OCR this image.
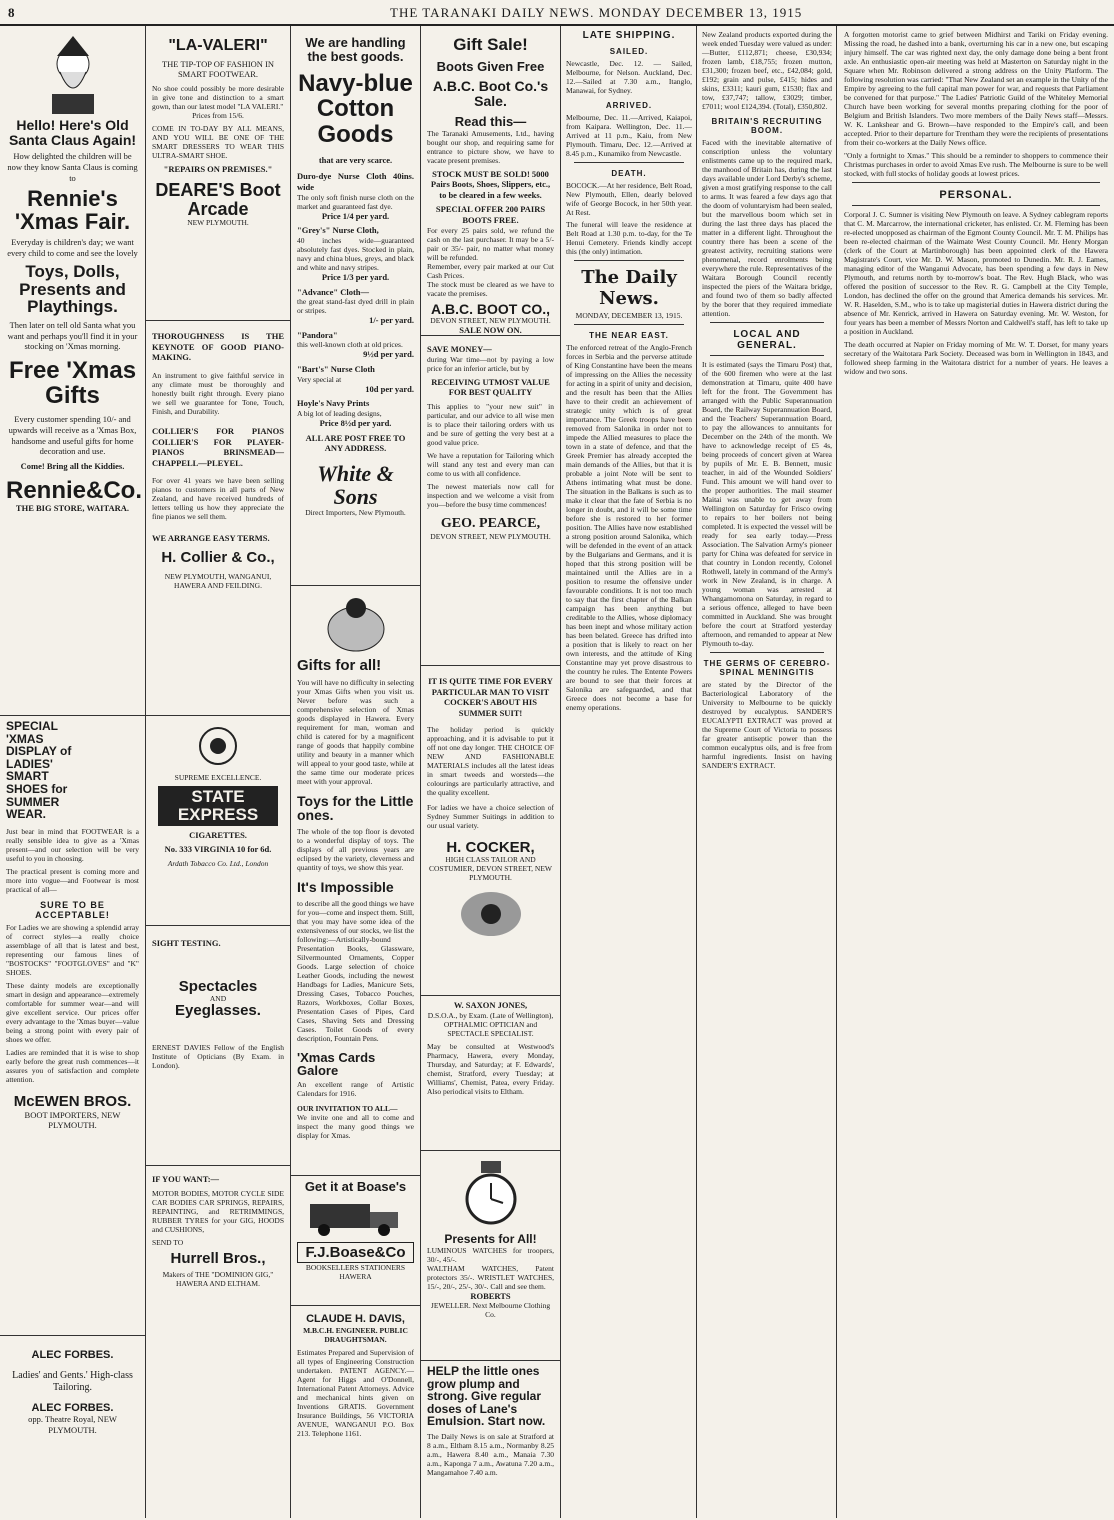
8	THE TARANAKI DAILY NEWS. MONDAY DECEMBER 13, 1915
Hello! Here's Old Santa Claus Again!
How delighted the children will be now they know Santa Claus is coming to
Rennie's 'Xmas Fair.
Everyday is children's day; we want every child to come and see the lovely
Toys, Dolls, Presents and Playthings.
Then later on tell old Santa what you want and perhaps you'll find it in your stocking on 'Xmas morning.
Free 'Xmas Gifts
Every customer spending 10/- and upwards will receive as a 'Xmas Box, handsome and useful gifts for home decoration and use.
Come! Bring all the Kiddies.
Rennie&Co.
THE BIG STORE, WAITARA.
SPECIAL 'XMAS DISPLAY of LADIES' SMART SHOES for SUMMER WEAR.
Just bear in mind that FOOTWEAR is a really sensible idea to give as a 'Xmas present—and our selection will be very useful to you in choosing.
The practical present is coming more and more into vogue—and Footwear is most practical of all—
SURE TO BE ACCEPTABLE!
For Ladies we are showing a splendid array of correct styles—a really choice assemblage of all that is latest and best, representing our famous lines of "BOSTOCKS" "FOOTGLOVES" and "K" SHOES.
These dainty models are exceptionally smart in design and appearance—extremely comfortable for summer wear—and will give excellent service. Our prices offer every advantage to the 'Xmas buyer—value being a strong point with every pair of shoes we offer.
Ladies are reminded that it is wise to shop early before the great rush commences—it assures you of satisfaction and complete attention.
McEWEN BROS.
BOOT IMPORTERS, NEW PLYMOUTH.
ALEC FORBES.
Ladies' and Gents.' High-class Tailoring.
ALEC FORBES.
opp. Theatre Royal, NEW PLYMOUTH.
"LA-VALERI"
THE TIP-TOP OF FASHION IN SMART FOOTWEAR.
No shoe could possibly be more desirable in give tone and distinction to a smart gown, than our latest model "LA VALERI."
Prices from 15/6.
COME IN TO-DAY BY ALL MEANS, AND YOU WILL BE ONE OF THE SMART DRESSERS TO WEAR THIS ULTRA-SMART SHOE.
"REPAIRS ON PREMISES."
DEARE'S Boot Arcade
NEW PLYMOUTH.
THOROUGHNESS IS THE KEYNOTE OF GOOD PIANO-MAKING.
An instrument to give faithful service in any climate must be thoroughly and honestly built right through. Every piano we sell we guarantee for Tone, Touch, Finish, and Durability.
COLLIER'S FOR PIANOS COLLIER'S FOR PLAYER-PIANOS BRINSMEAD—CHAPPELL—PLEYEL.
For over 41 years we have been selling pianos to customers in all parts of New Zealand, and have received hundreds of letters telling us how they appreciate the fine pianos we sell them.
WE ARRANGE EASY TERMS.
H. Collier & Co.,
NEW PLYMOUTH, WANGANUI, HAWERA AND FEILDING.
SUPREME EXCELLENCE.
STATE EXPRESS
CIGARETTES.
No. 333 VIRGINIA 10 for 6d.
Ardath Tobacco Co. Ltd., London
SIGHT TESTING.
Spectacles
AND
Eyeglasses.
ERNEST DAVIES Fellow of the English Institute of Opticians (By Exam. in London).
IF YOU WANT:—
MOTOR BODIES, MOTOR CYCLE SIDE CAR BODIES CAR SPRINGS, REPAIRS, REPAINTING, and RETRIMMINGS, RUBBER TYRES for your GIG, HOODS and CUSHIONS,
SEND TO
Hurrell Bros.,
Makers of THE "DOMINION GIG," HAWERA AND ELTHAM.
We are handling the best goods.
Navy-blue Cotton Goods
that are very scarce.
Duro-dye Nurse Cloth 40ins. wide
The only soft finish nurse cloth on the market and guaranteed fast dye.
Price 1/4 per yard.
"Grey's" Nurse Cloth,
40 inches wide—guaranteed absolutely fast dyes. Stocked in plain, navy and china blues, greys, and black and white and navy stripes.
Price 1/3 per yard.
"Advance" Cloth—
the great stand-fast dyed drill in plain or stripes.
1/- per yard.
"Pandora"
this well-known cloth at old prices.
9½d per yard.
"Bart's" Nurse Cloth
Very special at
10d per yard.
Hoyle's Navy Prints
A big lot of leading designs,
Price 8½d per yard.
ALL ARE POST FREE TO ANY ADDRESS.
White & Sons
Direct Importers, New Plymouth.
Gifts for all!
You will have no difficulty in selecting your Xmas Gifts when you visit us. Never before was such a comprehensive selection of Xmas goods displayed in Hawera. Every requirement for man, woman and child is catered for by a magnificent range of goods that happily combine utility and beauty in a manner which will appeal to your good taste, while at the same time our moderate prices meet with your approval.
Toys for the Little ones.
The whole of the top floor is devoted to a wonderful display of toys. The displays of all previous years are eclipsed by the variety, cleverness and quantity of toys, we show this year.
It's Impossible
to describe all the good things we have for you—come and inspect them. Still, that you may have some idea of the extensiveness of our stocks, we list the following:—Artistically-bound Presentation Books, Glassware, Silvermounted Ornaments, Copper Goods. Large selection of choice Leather Goods, including the newest Handbags for Ladies, Manicure Sets, Dressing Cases, Tobacco Pouches, Razors, Workboxes, Collar Boxes, Presentation Cases of Pipes, Card Cases, Shaving Sets and Dressing Cases. Toilet Goods of every description, Fountain Pens.
'Xmas Cards Galore
An excellent range of Artistic Calendars for 1916.
OUR INVITATION TO ALL—
We invite one and all to come and inspect the many good things we display for Xmas.
Get it at Boase's
F.J.Boase&Co
BOOKSELLERS STATIONERS HAWERA
CLAUDE H. DAVIS,
M.B.C.H. ENGINEER. PUBLIC DRAUGHTSMAN.
Estimates Prepared and Supervision of all types of Engineering Construction undertaken. PATENT AGENCY.—Agent for Higgs and O'Donnell, International Patent Attorneys. Advice and mechanical hints given on Inventions GRATIS. Government Insurance Buildings, 56 VICTORIA AVENUE, WANGANUI P.O. Box 213. Telephone 1161.
Gift Sale!
Boots Given Free
A.B.C. Boot Co.'s Sale.
Read this—
The Taranaki Amusements, Ltd., having bought our shop, and requiring same for entrance to picture show, we have to vacate present premises.
STOCK MUST BE SOLD! 5000 Pairs Boots, Shoes, Slippers, etc., to be cleared in a few weeks.
SPECIAL OFFER 200 PAIRS BOOTS FREE.
For every 25 pairs sold, we refund the cash on the last purchaser. It may be a 5/- pair or 35/- pair, no matter what money will be refunded.
Remember, every pair marked at our Cut Cash Prices.
The stock must be cleared as we have to vacate the premises.
A.B.C. BOOT CO.,
DEVON STREET, NEW PLYMOUTH.
SALE NOW ON.
SAVE MONEY—
during War time—not by paying a low price for an inferior article, but by
RECEIVING UTMOST VALUE FOR BEST QUALITY
This applies to "your new suit" in particular, and our advice to all wise men is to place their tailoring orders with us and be sure of getting the very best at a good value price.
We have a reputation for Tailoring which will stand any test and every man can come to us with all confidence.
The newest materials now call for inspection and we welcome a visit from you—before the busy time commences!
GEO. PEARCE,
DEVON STREET, NEW PLYMOUTH.
IT IS QUITE TIME FOR EVERY PARTICULAR MAN TO VISIT COCKER'S ABOUT HIS SUMMER SUIT!
The holiday period is quickly approaching, and it is advisable to put it off not one day longer. THE CHOICE OF NEW AND FASHIONABLE MATERIALS includes all the latest ideas in smart tweeds and worsteds—the colourings are particularly attractive, and the quality excellent.
For ladies we have a choice selection of Sydney Summer Suitings in addition to our usual variety.
H. COCKER,
HIGH CLASS TAILOR AND COSTUMIER, DEVON STREET, NEW PLYMOUTH.
W. SAXON JONES,
D.S.O.A., by Exam. (Late of Wellington), OPTHALMIC OPTICIAN and SPECTACLE SPECIALIST.
May be consulted at Westwood's Pharmacy, Hawera, every Monday, Thursday, and Saturday; at F. Edwards', chemist, Stratford, every Tuesday; at Williams', Chemist, Patea, every Friday. Also periodical visits to Eltham.
Presents for All!
LUMINOUS WATCHES for troopers, 30/-, 45/-.
WALTHAM WATCHES, Patent protectors 35/-. WRISTLET WATCHES, 15/-, 20/-, 25/-, 30/-. Call and see them.
ROBERTS
JEWELLER. Next Melbourne Clothing Co.
HELP the little ones grow plump and strong. Give regular doses of Lane's Emulsion. Start now.
The Daily News is on sale at Stratford at 8 a.m., Eltham 8.15 a.m., Normanby 8.25 a.m., Hawera 8.40 a.m., Manaia 7.30 a.m., Kaponga 7 a.m., Awatuna 7.20 a.m., Mangamahoe 7.40 a.m.
LATE SHIPPING.
SAILED.
Newcastle, Dec. 12. — Sailed, Melbourne, for Nelson. Auckland, Dec. 12.—Sailed at 7.30 a.m., Itanglo, Manawai, for Sydney.
ARRIVED.
Melbourne, Dec. 11.—Arrived, Kaiapoi, from Kaipara. Wellington, Dec. 11.—Arrived at 11 p.m., Kaiu, from New Plymouth. Timaru, Dec. 12.—Arrived at 8.45 p.m., Kunamiko from Newcastle.
DEATH.
BOCOCK.—At her residence, Belt Road, New Plymouth, Ellen, dearly beloved wife of George Bocock, in her 50th year. At Rest.
The funeral will leave the residence at Belt Road at 1.30 p.m. to-day, for the Te Henui Cemetery. Friends kindly accept this (the only) intimation.
The Daily News.
MONDAY, DECEMBER 13, 1915.
THE NEAR EAST.
The enforced retreat of the Anglo-French forces in Serbia and the perverse attitude of King Constantine have been the means of impressing on the Allies the necessity for acting in a spirit of unity and decision, and the result has been that the Allies have to their credit an achievement of strategic unity which is of great importance. The Greek troops have been removed from Salonika in order not to impede the Allied measures to place the town in a state of defence, and that the Greek Premier has already accepted the main demands of the Allies, but that it is probable a joint Note will be sent to Athens intimating what must be done. The situation in the Balkans is such as to make it clear that the fate of Serbia is no longer in doubt, and it will be some time before she is restored to her former position. The Allies have now established a strong position around Salonika, which will be defended in the event of an attack by the Bulgarians and Germans, and it is hoped that this strong position will be maintained until the Allies are in a position to resume the offensive under favourable conditions. It is not too much to say that the first chapter of the Balkan campaign has been anything but creditable to the Allies, whose diplomacy has been inept and whose military action has been belated. Greece has drifted into a position that is likely to react on her own interests, and the attitude of King Constantine may yet prove disastrous to the country he rules. The Entente Powers are bound to see that their forces at Salonika are safeguarded, and that Greece does not become a base for enemy operations.
New Zealand products exported during the week ended Tuesday were valued as under:—Butter, £112,871; cheese, £30,934; frozen lamb, £18,755; frozen mutton, £31,300; frozen beef, etc., £42,084; gold, £192; grain and pulse, £415; hides and skins, £3311; kauri gum, £1530; flax and tow, £37,747; tallow, £3029; timber, £7011; wool £124,394. (Total), £350,802.
BRITAIN'S RECRUITING BOOM.
Faced with the inevitable alternative of conscription unless the voluntary enlistments came up to the required mark, the manhood of Britain has, during the last days available under Lord Derby's scheme, given a most gratifying response to the call to arms. It was feared a few days ago that the doom of voluntaryism had been sealed, but the marvellous boom which set in during the last three days has placed the matter in a different light. Throughout the country there has been a scene of the greatest activity, recruiting stations were phenomenal, record enrolments being everywhere the rule. Representatives of the Waitara Borough Council recently inspected the piers of the Waitara bridge, and found two of them so badly affected by the borer that they required immediate attention.
LOCAL AND GENERAL.
It is estimated (says the Timaru Post) that, of the 600 firemen who were at the last demonstration at Timaru, quite 400 have left for the front. The Government has arranged with the Public Superannuation Board, the Railway Superannuation Board, and the Teachers' Superannuation Board, to pay the allowances to annuitants for December on the 24th of the month. We have to acknowledge receipt of £5 4s, being proceeds of concert given at Warea by pupils of Mr. E. B. Bennett, music teacher, in aid of the Wounded Soldiers' Fund. This amount we will hand over to the proper authorities. The mail steamer Maitai was unable to get away from Wellington on Saturday for Frisco owing to repairs to her boilers not being completed. It is expected the vessel will be ready for sea early today.—Press Association. The Salvation Army's pioneer party for China was defeated for service in that country in London recently, Colonel Rothwell, lately in command of the Army's work in New Zealand, is in charge. A young woman was arrested at Whangamomona on Saturday, in regard to a serious offence, alleged to have been committed in Auckland. She was brought before the court at Stratford yesterday afternoon, and remanded to appear at New Plymouth to-day.
THE GERMS OF CEREBRO-SPINAL MENINGITIS
are stated by the Director of the Bacteriological Laboratory of the University to Melbourne to be quickly destroyed by eucalyptus. SANDER'S EUCALYPTI EXTRACT was proved at the Supreme Court of Victoria to possess far greater antiseptic power than the common eucalyptus oils, and is free from harmful ingredients. Insist on having SANDER'S EXTRACT.
A forgotten motorist came to grief between Midhirst and Tariki on Friday evening. Missing the road, he dashed into a bank, overturning his car in a new one, but escaping injury himself. The car was righted next day, the only damage done being a bent front axle. An enthusiastic open-air meeting was held at Masterton on Saturday night in the Square when Mr. Robinson delivered a strong address on the Unity Platform. The following resolution was carried: "That New Zealand set an example in the Unity of the Empire by agreeing to the full capital man power for war, and requests that Parliament be convened for that purpose." The Ladies' Patriotic Guild of the Whiteley Memorial Church have been working for several months preparing clothing for the poor of Belgium and British Islanders. Two more members of the Daily News staff—Messrs. W. K. Lankshear and G. Brown—have responded to the Empire's call, and been accepted. Prior to their departure for Trentham they were the recipients of presentations from their co-workers at the Daily News office.
"Only a fortnight to Xmas." This should be a reminder to shoppers to commence their Christmas purchases in order to avoid Xmas Eve rush. The Melbourne is sure to be well stocked, with full stocks of holiday goods at lowest prices.
PERSONAL.
Corporal J. C. Sumner is visiting New Plymouth on leave. A Sydney cablegram reports that C. M. Marcarrow, the international cricketer, has enlisted. Cr. M. Fleming has been re-elected unopposed as chairman of the Egmont County Council. Mr. T. M. Philips has been re-elected chairman of the Waimate West County Council. Mr. Henry Morgan (clerk of the Court at Martinborough) has been appointed clerk of the Hawera Magistrate's Court, vice Mr. D. W. Mason, promoted to Dunedin. Mr. R. J. Eames, managing editor of the Wanganui Advocate, has been spending a few days in New Plymouth, and returns north by to-morrow's boat. The Rev. Hugh Black, who was offered the position of successor to the Rev. R. G. Campbell at the City Temple, London, has declined the offer on the ground that America demands his services. Mr. W. R. Haselden, S.M., who is to take up magisterial duties in Hawera district during the absence of Mr. Kenrick, arrived in Hawera on Saturday evening. Mr. W. Weston, for four years has been a member of Messrs Norton and Caldwell's staff, has left to take up a position in Auckland.
The death occurred at Napier on Friday morning of Mr. W. T. Dorset, for many years secretary of the Waitotara Park Society. Deceased was born in Wellington in 1843, and followed sheep farming in the Waitotara district for a number of years. He leaves a widow and two sons.
